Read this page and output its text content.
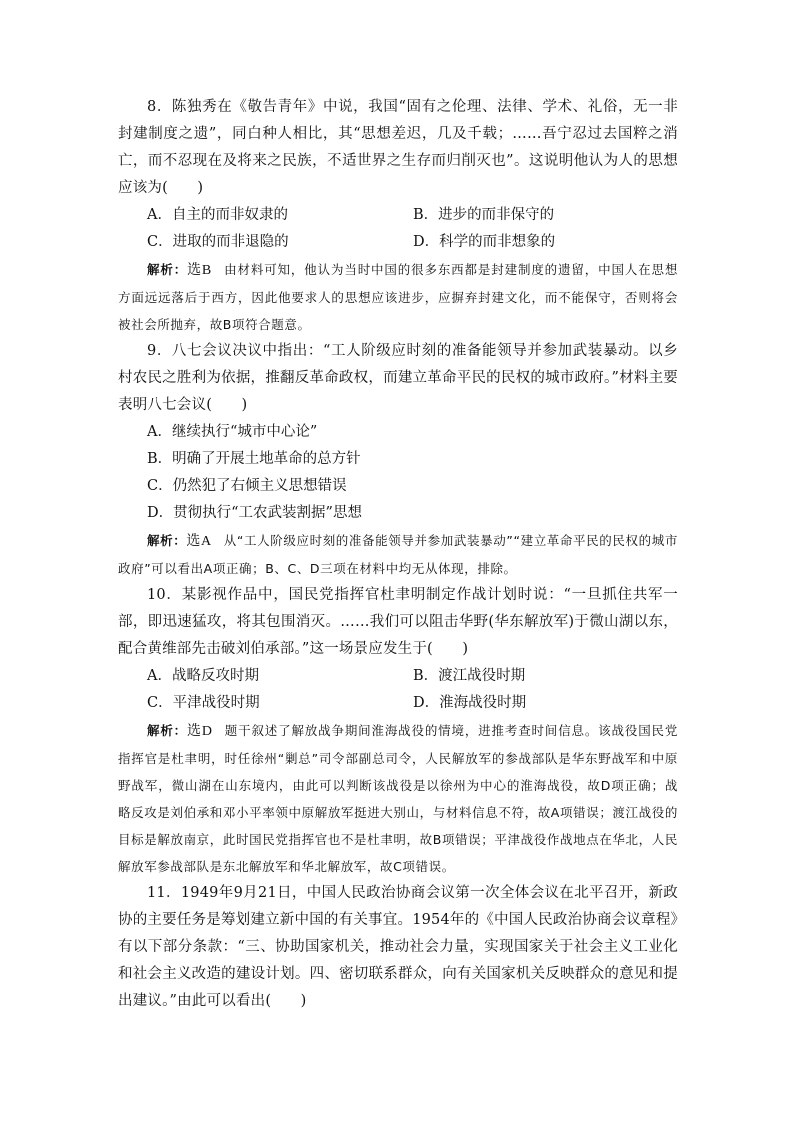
8．陈独秀在《敬告青年》中说，我国“固有之伦理、法律、学术、礼俗，无一非封建制度之遗”，同白种人相比，其“思想差迟，几及千载；……吾宁忍过去国粹之消亡，而不忍现在及将来之民族，不适世界之生存而归削灭也”。这说明他认为人的思想应该为(　　)

A．自主的而非奴隶的	B．进步的而非保守的
C．进取的而非退隐的	D．科学的而非想象的

解析：选B 由材料可知，他认为当时中国的很多东西都是封建制度的遗留，中国人在思想方面远远落后于西方，因此他要求人的思想应该进步，应摒弃封建文化，而不能保守，否则将会被社会所抛弃，故B项符合题意。

9．八七会议决议中指出：“工人阶级应时刻的准备能领导并参加武装暴动。以乡村农民之胜利为依据，推翻反革命政权，而建立革命平民的民权的城市政府。”材料主要表明八七会议(　　)

A．继续执行“城市中心论”
B．明确了开展土地革命的总方针
C．仍然犯了右倾主义思想错误
D．贯彻执行“工农武装割据”思想

解析：选A 从“工人阶级应时刻的准备能领导并参加武装暴动”“建立革命平民的民权的城市政府”可以看出A项正确；B、C、D三项在材料中均无从体现，排除。

10．某影视作品中，国民党指挥官杜聿明制定作战计划时说：“一旦抓住共军一部，即迅速猛攻，将其包围消灭。……我们可以阻击华野(华东解放军)于微山湖以东，配合黄维部先击破刘伯承部。”这一场景应发生于(　　)

A．战略反攻时期	B．渡江战役时期
C．平津战役时期	D．淮海战役时期

解析：选D 题干叙述了解放战争期间淮海战役的情境，进推考查时间信息。该战役国民党指挥官是杜聿明，时任徐州“剿总”司令部副总司令，人民解放军的参战部队是华东野战军和中原野战军，微山湖在山东境内，由此可以判断该战役是以徐州为中心的淮海战役，故D项正确；战略反攻是刘伯承和邓小平率领中原解放军挺进大别山，与材料信息不符，故A项错误；渡江战役的目标是解放南京，此时国民党指挥官也不是杜聿明，故B项错误；平津战役作战地点在华北，人民解放军参战部队是东北解放军和华北解放军，故C项错误。

11．1949年9月21日，中国人民政治协商会议第一次全体会议在北平召开，新政协的主要任务是筹划建立新中国的有关事宜。1954年的《中国人民政治协商会议章程》有以下部分条款：“三、协助国家机关，推动社会力量，实现国家关于社会主义工业化和社会主义改造的建设计划。四、密切联系群众，向有关国家机关反映群众的意见和提出建议。”由此可以看出(　　)
